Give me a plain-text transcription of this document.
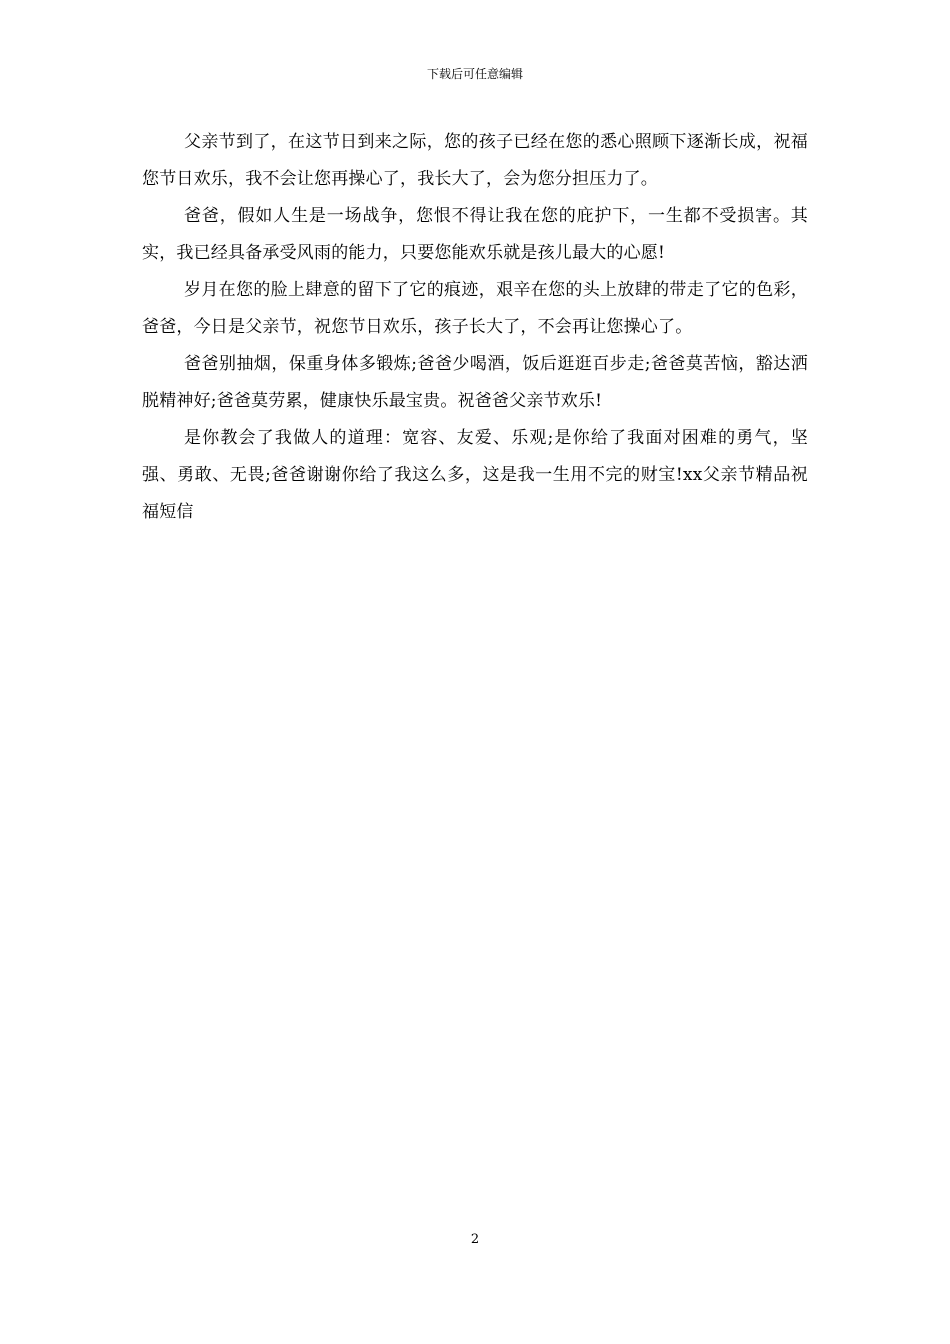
下载后可任意编辑

父亲节到了，在这节日到来之际，您的孩子已经在您的悉心照顾下逐渐长成，祝福您节日欢乐，我不会让您再操心了，我长大了，会为您分担压力了。

爸爸，假如人生是一场战争，您恨不得让我在您的庇护下，一生都不受损害。其实，我已经具备承受风雨的能力，只要您能欢乐就是孩儿最大的心愿!

岁月在您的脸上肆意的留下了它的痕迹，艰辛在您的头上放肆的带走了它的色彩，爸爸，今日是父亲节，祝您节日欢乐，孩子长大了，不会再让您操心了。

爸爸别抽烟，保重身体多锻炼;爸爸少喝酒，饭后逛逛百步走;爸爸莫苦恼，豁达洒脱精神好;爸爸莫劳累，健康快乐最宝贵。祝爸爸父亲节欢乐!

是你教会了我做人的道理：宽容、友爱、乐观;是你给了我面对困难的勇气，坚强、勇敢、无畏;爸爸谢谢你给了我这么多，这是我一生用不完的财宝!xx父亲节精品祝福短信

2
